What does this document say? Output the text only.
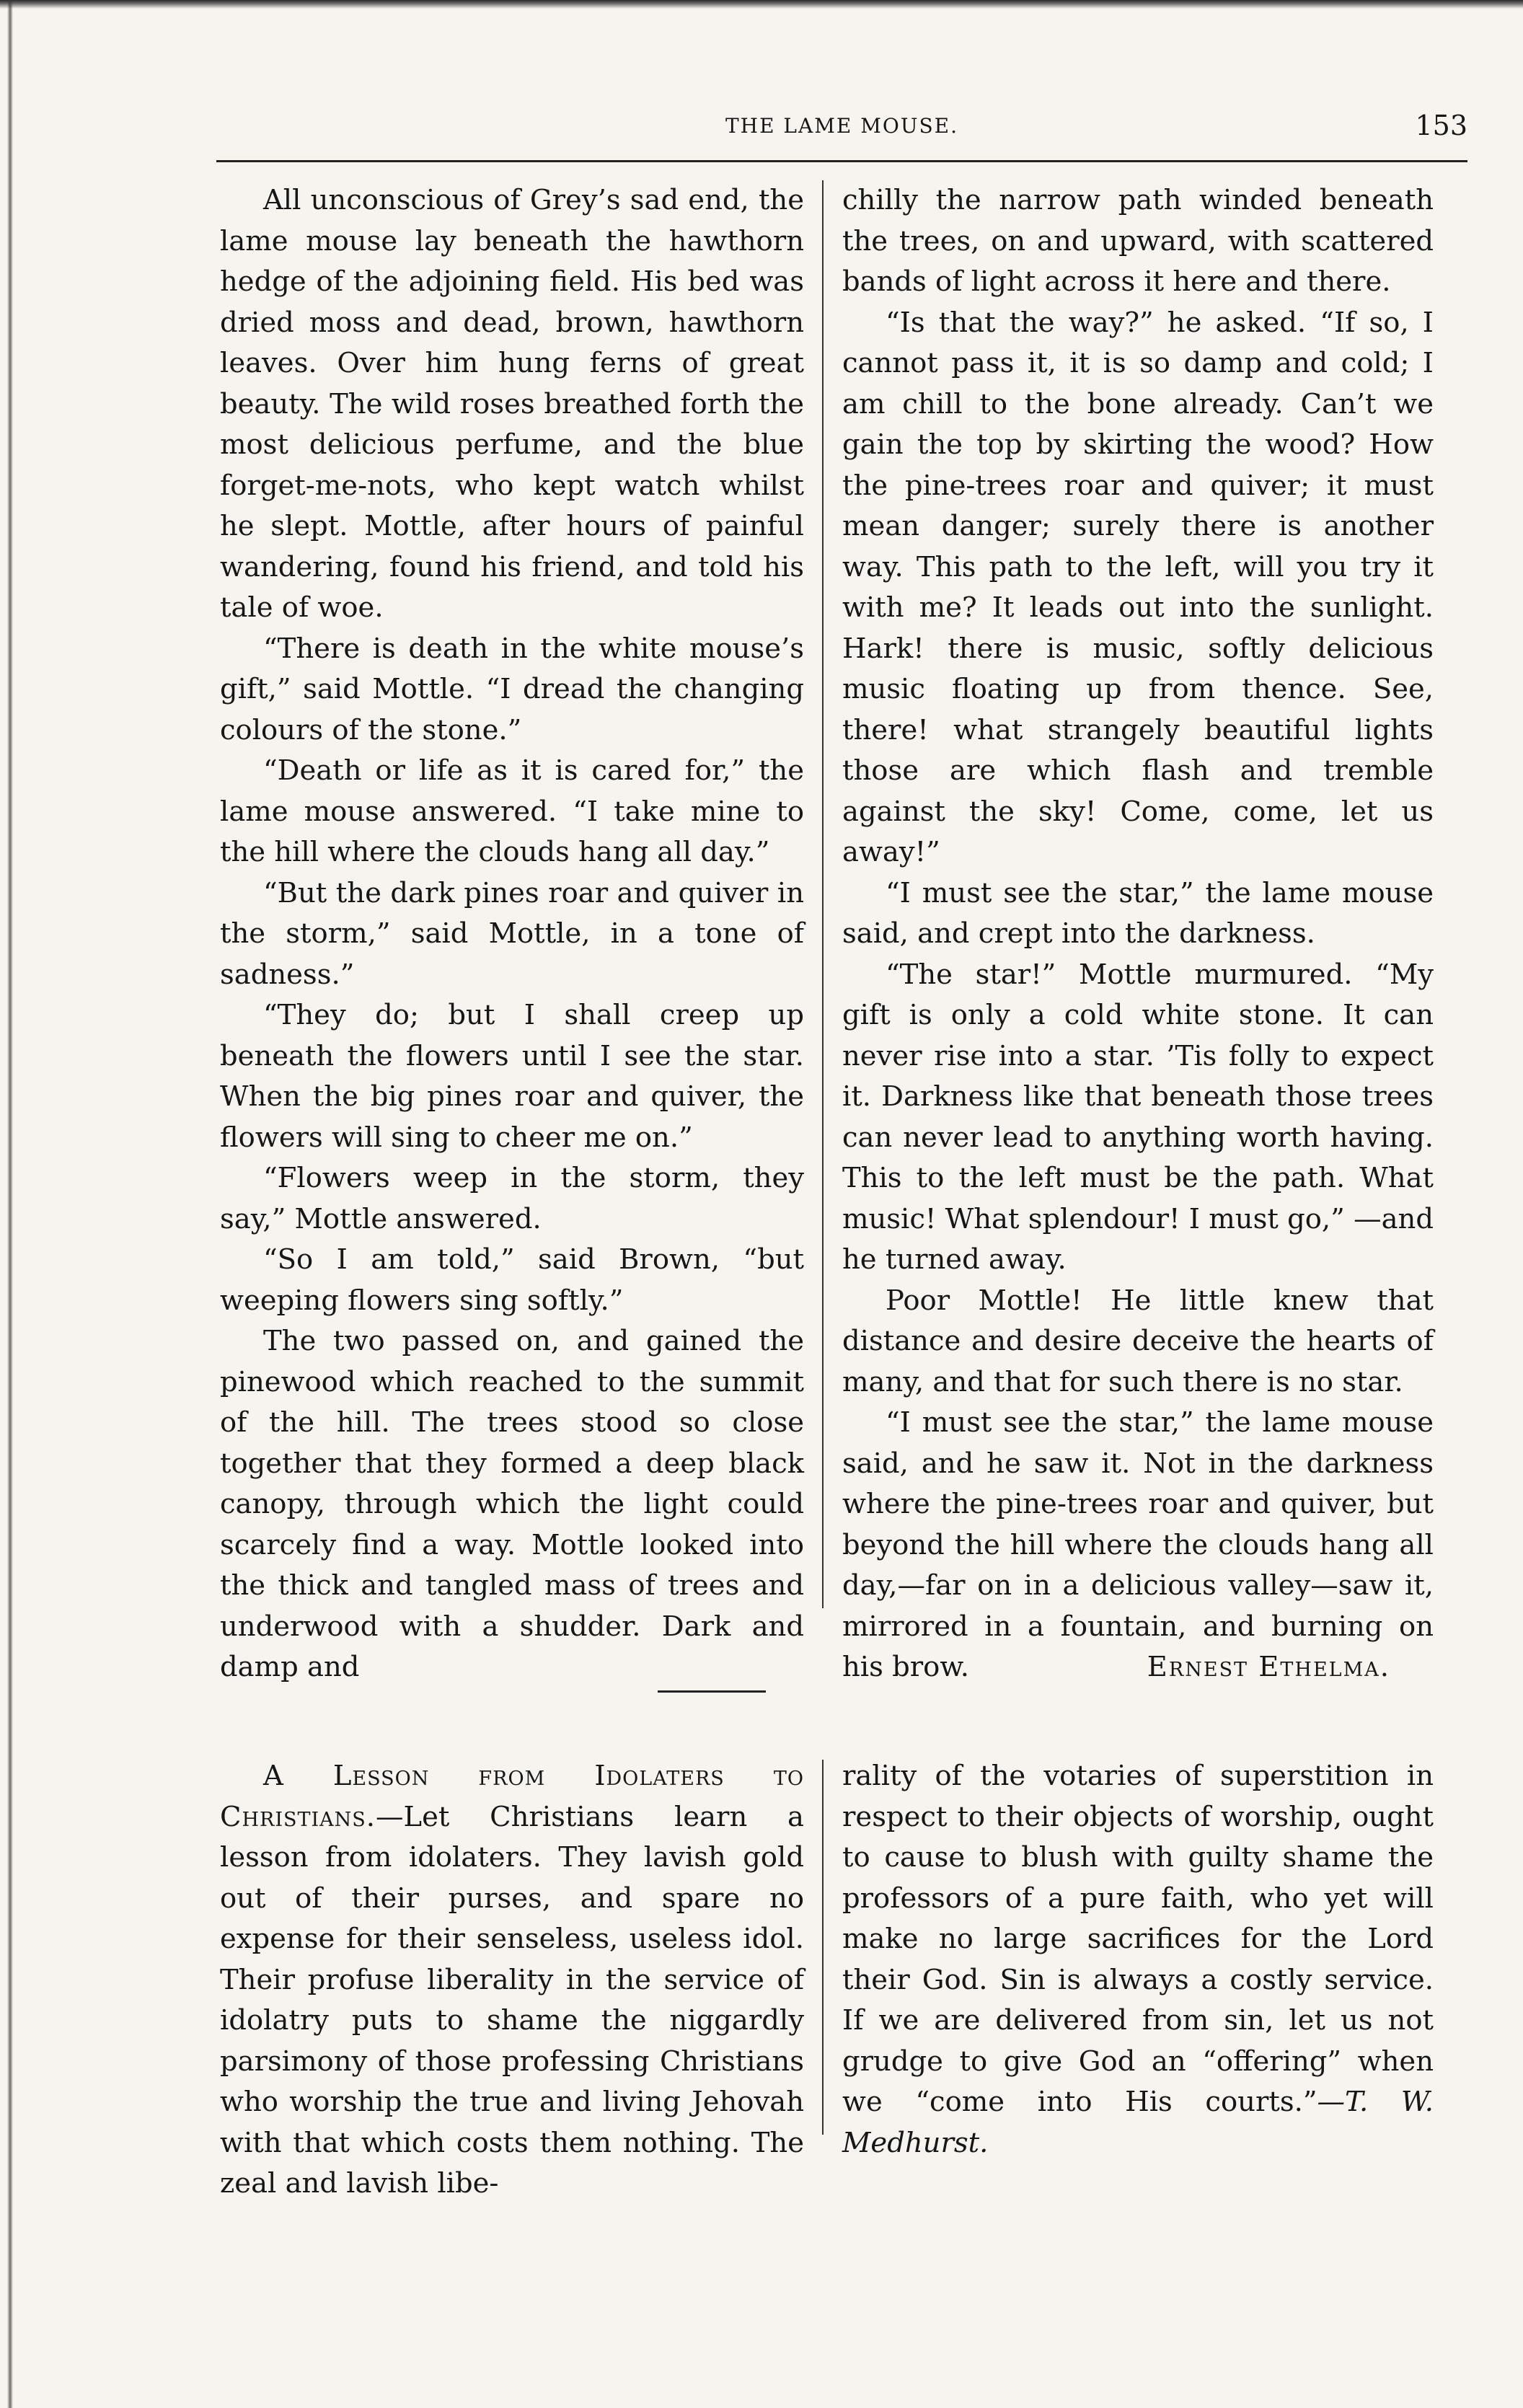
THE LAME MOUSE.	153

All unconscious of Grey’s sad end, the lame mouse lay beneath the hawthorn hedge of the adjoining field. His bed was dried moss and dead, brown, hawthorn leaves. Over him hung ferns of great beauty. The wild roses breathed forth the most delicious perfume, and the blue forget-me-nots, who kept watch whilst he slept. Mottle, after hours of painful wandering, found his friend, and told his tale of woe.

“There is death in the white mouse’s gift,” said Mottle. “I dread the changing colours of the stone.”

“Death or life as it is cared for,” the lame mouse answered. “I take mine to the hill where the clouds hang all day.”

“But the dark pines roar and quiver in the storm,” said Mottle, in a tone of sadness.”

“They do; but I shall creep up beneath the flowers until I see the star. When the big pines roar and quiver, the flowers will sing to cheer me on.”

“Flowers weep in the storm, they say,” Mottle answered.

“So I am told,” said Brown, “but weeping flowers sing softly.”

The two passed on, and gained the pinewood which reached to the summit of the hill. The trees stood so close together that they formed a deep black canopy, through which the light could scarcely find a way. Mottle looked into the thick and tangled mass of trees and underwood with a shudder. Dark and damp and

chilly the narrow path winded beneath the trees, on and upward, with scattered bands of light across it here and there.

“Is that the way?” he asked. “If so, I cannot pass it, it is so damp and cold; I am chill to the bone already. Can’t we gain the top by skirting the wood? How the pine-trees roar and quiver; it must mean danger; surely there is another way. This path to the left, will you try it with me? It leads out into the sunlight. Hark! there is music, softly delicious music floating up from thence. See, there! what strangely beautiful lights those are which flash and tremble against the sky! Come, come, let us away!”

“I must see the star,” the lame mouse said, and crept into the darkness.

“The star!” Mottle murmured. “My gift is only a cold white stone. It can never rise into a star. ’Tis folly to expect it. Darkness like that beneath those trees can never lead to anything worth having. This to the left must be the path. What music! What splendour! I must go,” —and he turned away.

Poor Mottle! He little knew that distance and desire deceive the hearts of many, and that for such there is no star.

“I must see the star,” the lame mouse said, and he saw it. Not in the darkness where the pine-trees roar and quiver, but beyond the hill where the clouds hang all day,—far on in a delicious valley—saw it, mirrored in a fountain, and burning on his brow.	Ernest Ethelma.

A Lesson from Idolaters to Christians.—Let Christians learn a lesson from idolaters. They lavish gold out of their purses, and spare no expense for their senseless, useless idol. Their profuse liberality in the service of idolatry puts to shame the niggardly parsimony of those professing Christians who worship the true and living Jehovah with that which costs them nothing. The zeal and lavish libe-

rality of the votaries of superstition in respect to their objects of worship, ought to cause to blush with guilty shame the professors of a pure faith, who yet will make no large sacrifices for the Lord their God. Sin is always a costly service. If we are delivered from sin, let us not grudge to give God an “offering” when we “come into His courts.”—T. W. Medhurst.
